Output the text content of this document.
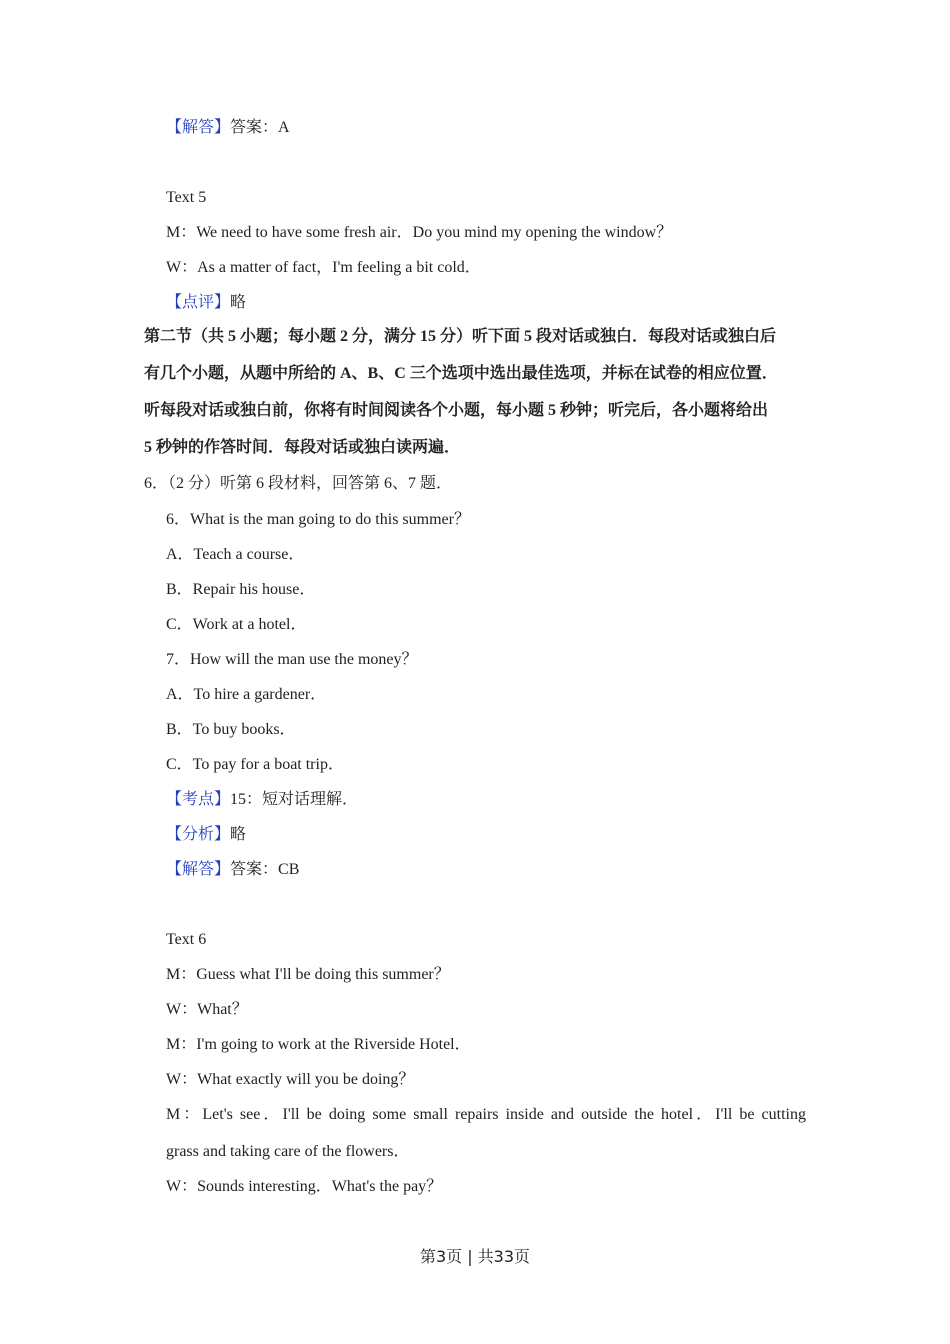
【解答】答案：A
Text 5
M：We need to have some fresh air．Do you mind my opening the window？
W：As a matter of fact，I'm feeling a bit cold．
【点评】略
第二节（共 5 小题；每小题 2 分，满分 15 分）听下面 5 段对话或独白．每段对话或独白后
有几个小题，从题中所给的 A、B、C 三个选项中选出最佳选项，并标在试卷的相应位置．
听每段对话或独白前，你将有时间阅读各个小题，每小题 5 秒钟；听完后，各小题将给出
5 秒钟的作答时间．每段对话或独白读两遍．
6．（2 分）听第 6 段材料，回答第 6、7 题．
6．What is the man going to do this summer？
A．Teach a course．
B．Repair his house．
C．Work at a hotel．
7．How will the man use the money？
A．To hire a gardener．
B．To buy books．
C．To pay for a boat trip．
【考点】15：短对话理解．
【分析】略
【解答】答案：CB
Text 6
M：Guess what I'll be doing this summer？
W：What？
M：I'm going to work at the Riverside Hotel．
W：What exactly will you be doing？
M：Let's see．I'll be doing some small repairs inside and outside the hotel．I'll be cutting
grass and taking care of the flowers．
W：Sounds interesting．What's the pay？
第3页 | 共33页
